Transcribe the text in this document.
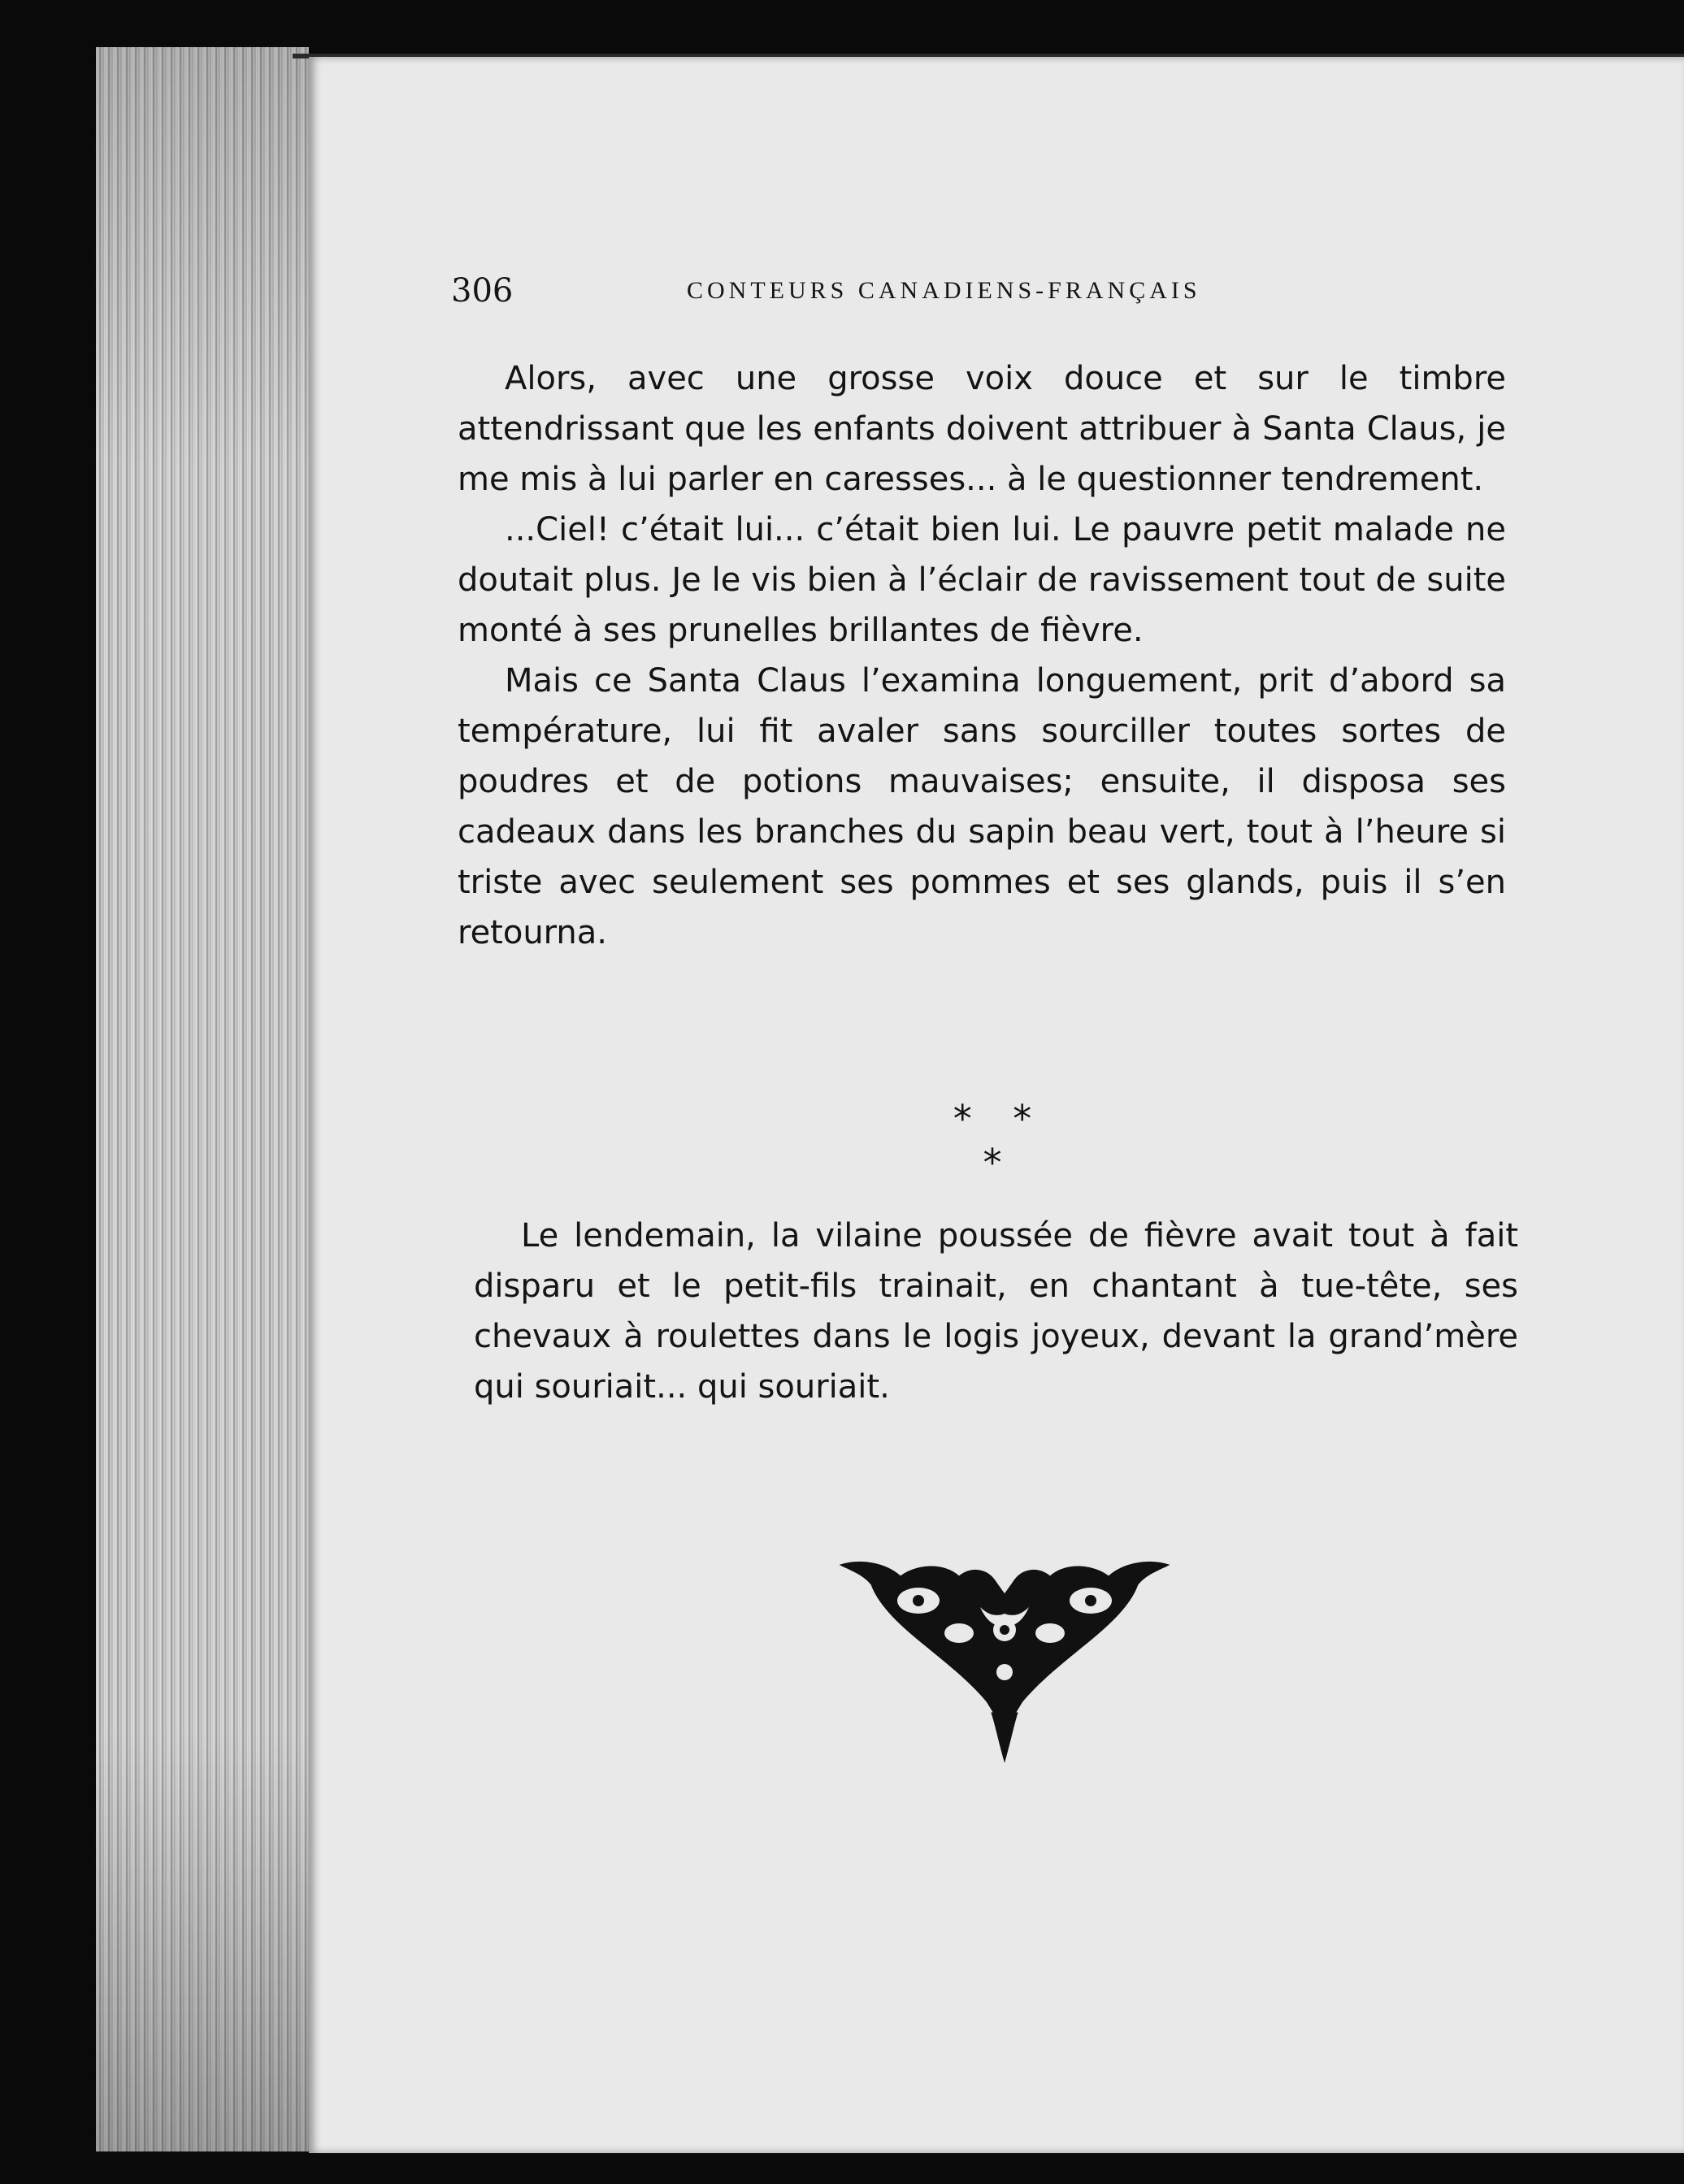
306	CONTEURS CANADIENS-FRANÇAIS

Alors, avec une grosse voix douce et sur le timbre attendrissant que les enfants doivent attribuer à Santa Claus, je me mis à lui parler en caresses... à le questionner tendrement.

...Ciel! c’était lui... c’était bien lui. Le pauvre petit malade ne doutait plus. Je le vis bien à l’éclair de ravissement tout de suite monté à ses prunelles brillantes de fièvre.

Mais ce Santa Claus l’examina longuement, prit d’abord sa température, lui fit avaler sans sourciller toutes sortes de poudres et de potions mauvaises; ensuite, il disposa ses cadeaux dans les branches du sapin beau vert, tout à l’heure si triste avec seulement ses pommes et ses glands, puis il s’en retourna.

* * *

Le lendemain, la vilaine poussée de fièvre avait tout à fait disparu et le petit-fils trainait, en chantant à tue-tête, ses chevaux à roulettes dans le logis joyeux, devant la grand’mère qui souriait... qui souriait.
